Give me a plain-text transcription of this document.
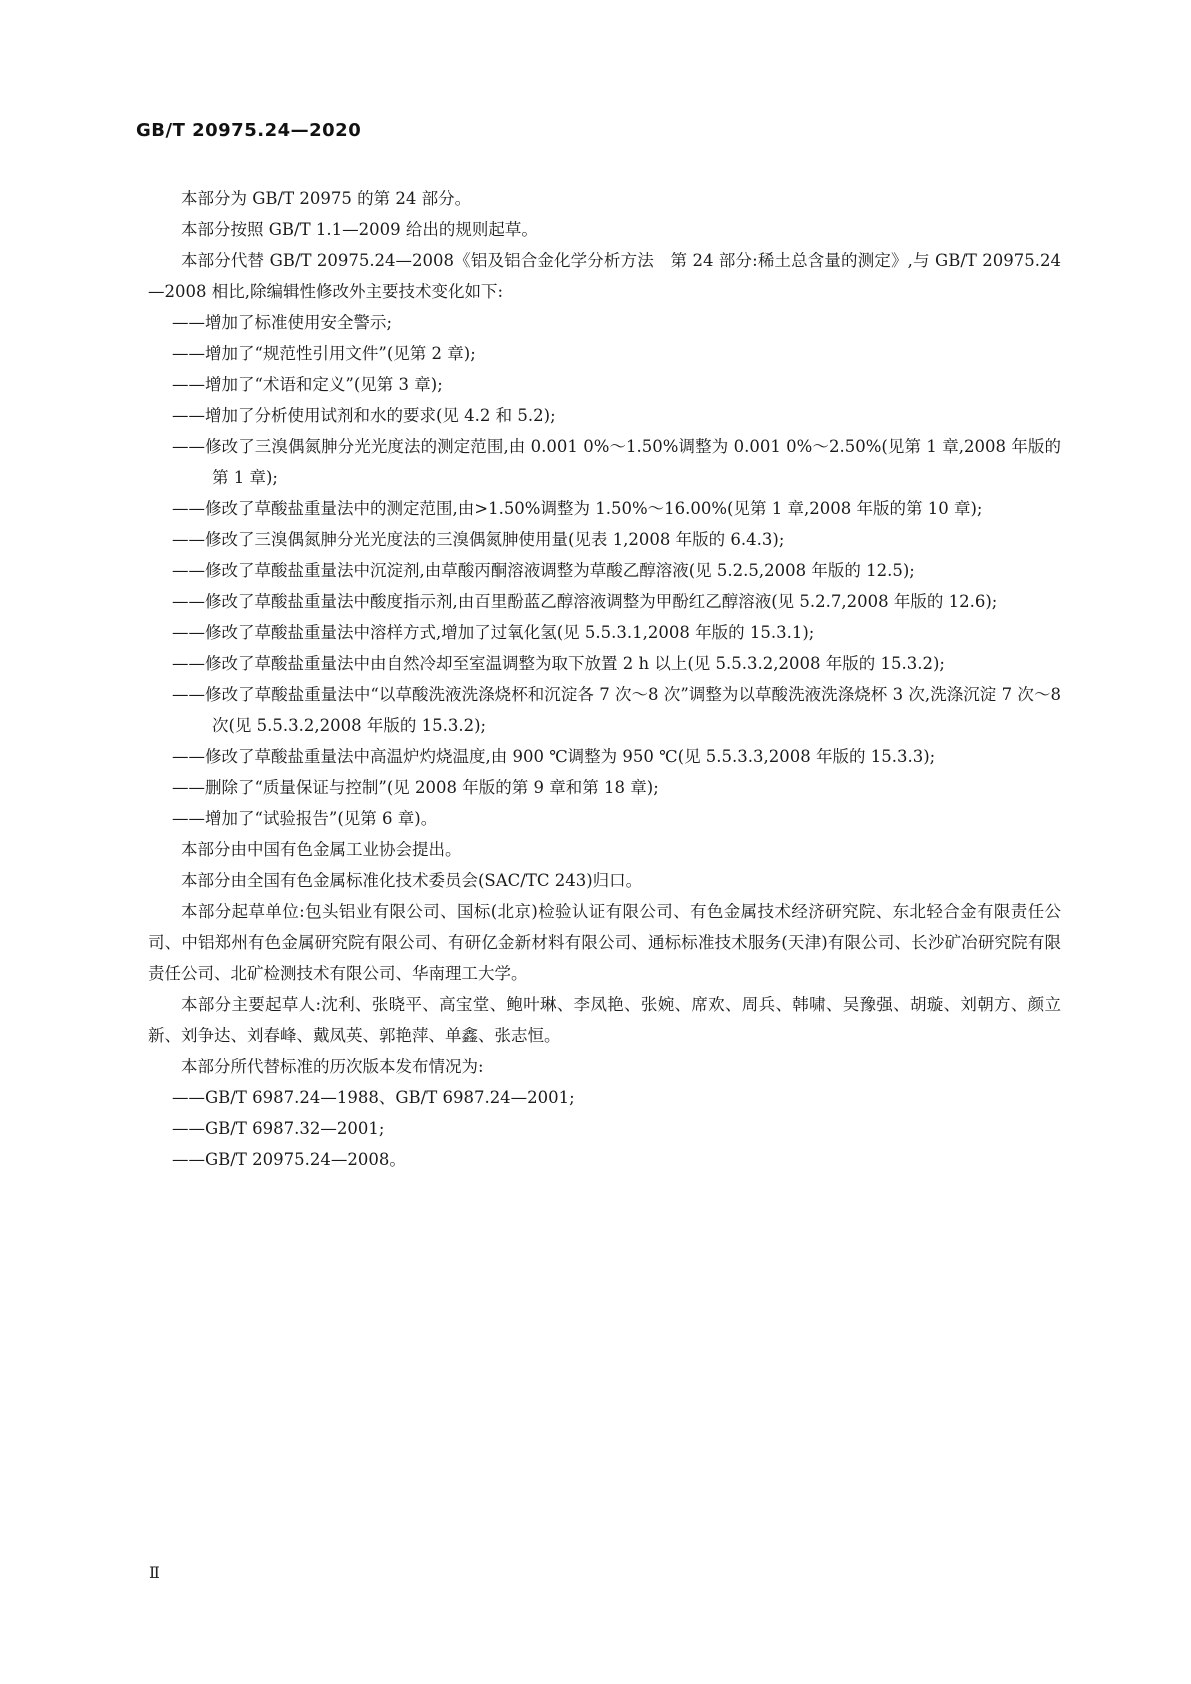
GB/T 20975.24—2020

本部分为 GB/T 20975 的第 24 部分。

本部分按照 GB/T 1.1—2009 给出的规则起草。

本部分代替 GB/T 20975.24—2008《铝及铝合金化学分析方法　第 24 部分:稀土总含量的测定》,与 GB/T 20975.24—2008 相比,除编辑性修改外主要技术变化如下:

——增加了标准使用安全警示;

——增加了“规范性引用文件”(见第 2 章);

——增加了“术语和定义”(见第 3 章);

——增加了分析使用试剂和水的要求(见 4.2 和 5.2);

——修改了三溴偶氮胂分光光度法的测定范围,由 0.001 0%～1.50%调整为 0.001 0%～2.50%(见第 1 章,2008 年版的第 1 章);

——修改了草酸盐重量法中的测定范围,由>1.50%调整为 1.50%～16.00%(见第 1 章,2008 年版的第 10 章);

——修改了三溴偶氮胂分光光度法的三溴偶氮胂使用量(见表 1,2008 年版的 6.4.3);

——修改了草酸盐重量法中沉淀剂,由草酸丙酮溶液调整为草酸乙醇溶液(见 5.2.5,2008 年版的 12.5);

——修改了草酸盐重量法中酸度指示剂,由百里酚蓝乙醇溶液调整为甲酚红乙醇溶液(见 5.2.7,2008 年版的 12.6);

——修改了草酸盐重量法中溶样方式,增加了过氧化氢(见 5.5.3.1,2008 年版的 15.3.1);

——修改了草酸盐重量法中由自然冷却至室温调整为取下放置 2 h 以上(见 5.5.3.2,2008 年版的 15.3.2);

——修改了草酸盐重量法中“以草酸洗液洗涤烧杯和沉淀各 7 次～8 次”调整为以草酸洗液洗涤烧杯 3 次,洗涤沉淀 7 次～8 次(见 5.5.3.2,2008 年版的 15.3.2);

——修改了草酸盐重量法中高温炉灼烧温度,由 900 ℃调整为 950 ℃(见 5.5.3.3,2008 年版的 15.3.3);

——删除了“质量保证与控制”(见 2008 年版的第 9 章和第 18 章);

——增加了“试验报告”(见第 6 章)。

本部分由中国有色金属工业协会提出。

本部分由全国有色金属标准化技术委员会(SAC/TC 243)归口。

本部分起草单位:包头铝业有限公司、国标(北京)检验认证有限公司、有色金属技术经济研究院、东北轻合金有限责任公司、中铝郑州有色金属研究院有限公司、有研亿金新材料有限公司、通标标准技术服务(天津)有限公司、长沙矿冶研究院有限责任公司、北矿检测技术有限公司、华南理工大学。

本部分主要起草人:沈利、张晓平、高宝堂、鲍叶琳、李凤艳、张婉、席欢、周兵、韩啸、吴豫强、胡璇、刘朝方、颜立新、刘争达、刘春峰、戴凤英、郭艳萍、单鑫、张志恒。

本部分所代替标准的历次版本发布情况为:

——GB/T 6987.24—1988、GB/T 6987.24—2001;

——GB/T 6987.32—2001;

——GB/T 20975.24—2008。

Ⅱ
